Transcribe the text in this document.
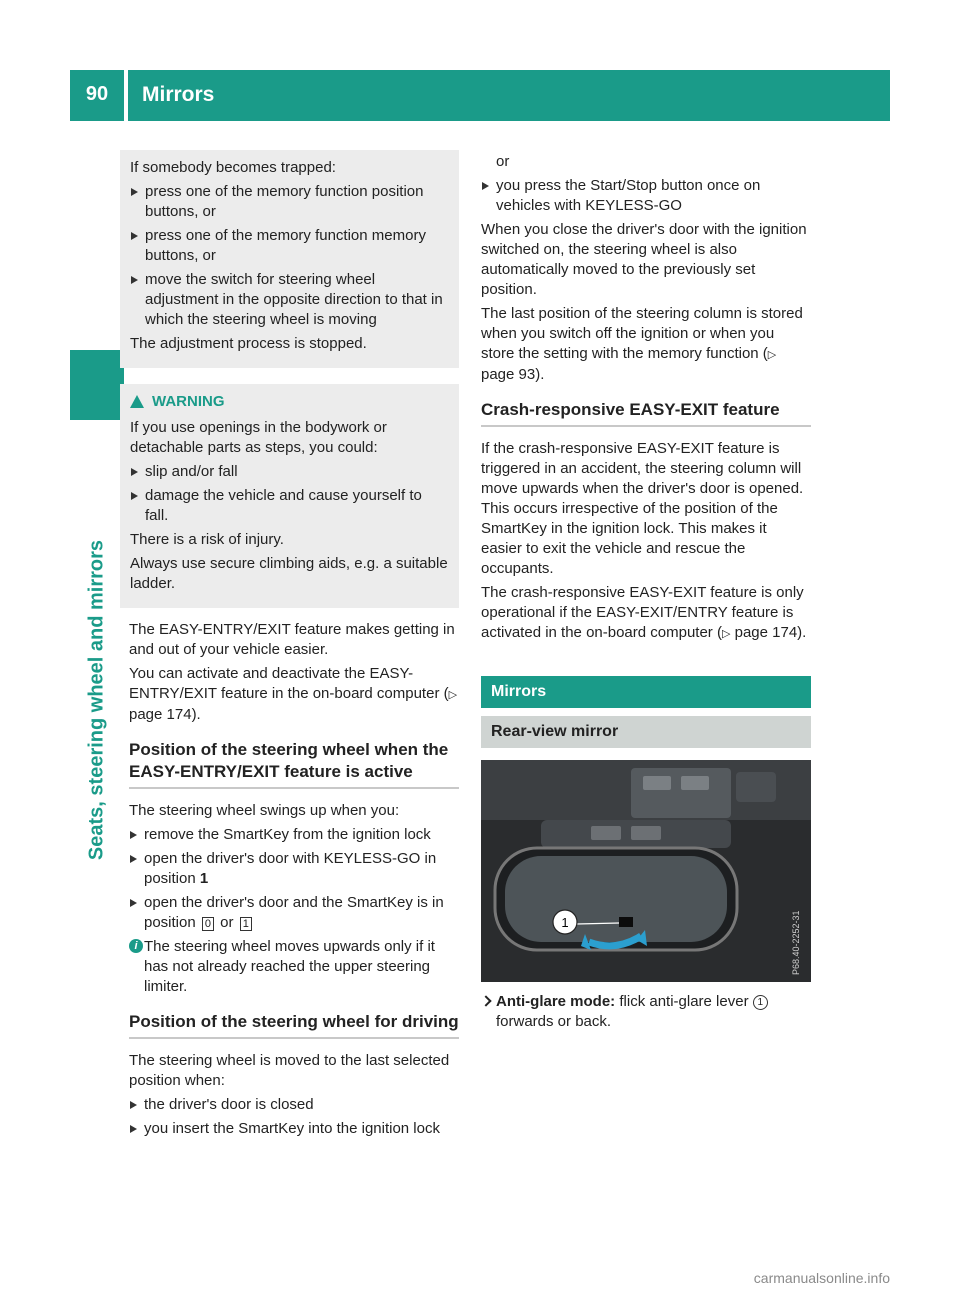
90	Mirrors
Seats, steering wheel and mirrors

If somebody becomes trapped:

press one of the memory function position buttons, or
press one of the memory function memory buttons, or
move the switch for steering wheel adjustment in the opposite direction to that in which the steering wheel is moving

The adjustment process is stopped.

WARNING

If you use openings in the bodywork or detachable parts as steps, you could:

slip and/or fall
damage the vehicle and cause yourself to fall.

There is a risk of injury.

Always use secure climbing aids, e.g. a suitable ladder.

The EASY-ENTRY/EXIT feature makes getting in and out of your vehicle easier.

You can activate and deactivate the EASY-ENTRY/EXIT feature in the on-board computer (▷ page 174).

Position of the steering wheel when the EASY-ENTRY/EXIT feature is active

The steering wheel swings up when you:

remove the SmartKey from the ignition lock
open the driver's door with KEYLESS-GO in position 1
open the driver's door and the SmartKey is in position 0 or 1
i The steering wheel moves upwards only if it has not already reached the upper steering limiter.
Position of the steering wheel for driving

The steering wheel is moved to the last selected position when:

the driver's door is closed
you insert the SmartKey into the ignition lock

or

you press the Start/Stop button once on vehicles with KEYLESS-GO

When you close the driver's door with the ignition switched on, the steering wheel is also automatically moved to the previously set position.

The last position of the steering column is stored when you switch off the ignition or when you store the setting with the memory function (▷ page 93).

Crash-responsive EASY-EXIT feature

If the crash-responsive EASY-EXIT feature is triggered in an accident, the steering column will move upwards when the driver's door is opened. This occurs irrespective of the position of the SmartKey in the ignition lock. This makes it easier to exit the vehicle and rescue the occupants.

The crash-responsive EASY-EXIT feature is only operational if the EASY-EXIT/ENTRY feature is activated in the on-board computer (▷ page 174).

Mirrors
Rear-view mirror
1	P68.40-2252-31
Anti-glare mode: flick anti-glare lever 1 forwards or back.
carmanualsonline.info
